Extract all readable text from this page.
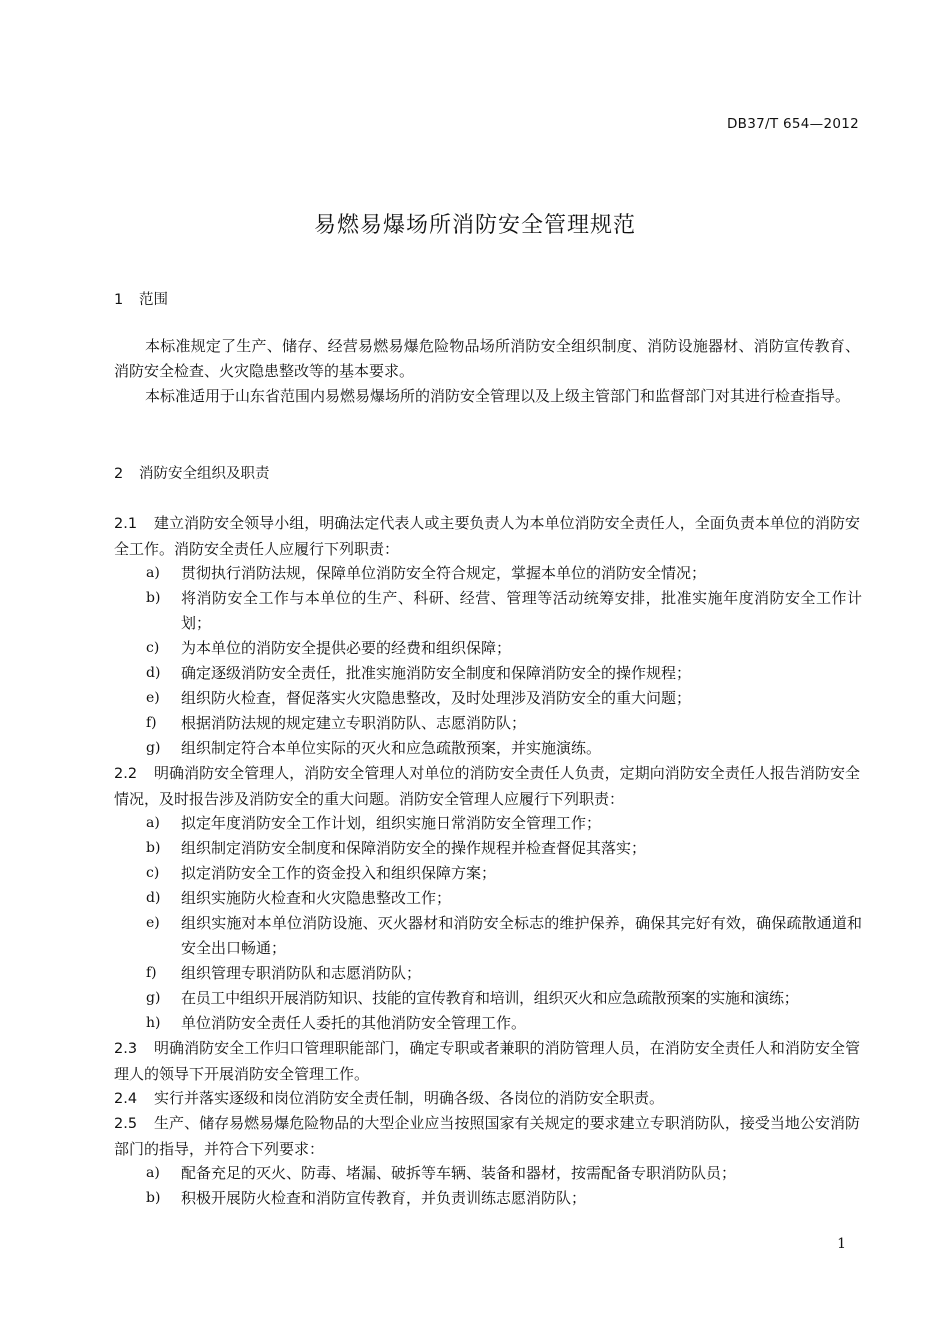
DB37/T 654—2012
易燃易爆场所消防安全管理规范
1 范围
本标准规定了生产、储存、经营易燃易爆危险物品场所消防安全组织制度、消防设施器材、消防宣传教育、消防安全检查、火灾隐患整改等的基本要求。
本标准适用于山东省范围内易燃易爆场所的消防安全管理以及上级主管部门和监督部门对其进行检查指导。
2 消防安全组织及职责
2.1 建立消防安全领导小组，明确法定代表人或主要负责人为本单位消防安全责任人，全面负责本单位的消防安全工作。消防安全责任人应履行下列职责：
a) 贯彻执行消防法规，保障单位消防安全符合规定，掌握本单位的消防安全情况；
b) 将消防安全工作与本单位的生产、科研、经营、管理等活动统筹安排，批准实施年度消防安全工作计划；
c) 为本单位的消防安全提供必要的经费和组织保障；
d) 确定逐级消防安全责任，批准实施消防安全制度和保障消防安全的操作规程；
e) 组织防火检查，督促落实火灾隐患整改，及时处理涉及消防安全的重大问题；
f) 根据消防法规的规定建立专职消防队、志愿消防队；
g) 组织制定符合本单位实际的灭火和应急疏散预案，并实施演练。
2.2 明确消防安全管理人，消防安全管理人对单位的消防安全责任人负责，定期向消防安全责任人报告消防安全情况，及时报告涉及消防安全的重大问题。消防安全管理人应履行下列职责：
a) 拟定年度消防安全工作计划，组织实施日常消防安全管理工作；
b) 组织制定消防安全制度和保障消防安全的操作规程并检查督促其落实；
c) 拟定消防安全工作的资金投入和组织保障方案；
d) 组织实施防火检查和火灾隐患整改工作；
e) 组织实施对本单位消防设施、灭火器材和消防安全标志的维护保养，确保其完好有效，确保疏散通道和安全出口畅通；
f) 组织管理专职消防队和志愿消防队；
g) 在员工中组织开展消防知识、技能的宣传教育和培训，组织灭火和应急疏散预案的实施和演练；
h) 单位消防安全责任人委托的其他消防安全管理工作。
2.3 明确消防安全工作归口管理职能部门，确定专职或者兼职的消防管理人员，在消防安全责任人和消防安全管理人的领导下开展消防安全管理工作。
2.4 实行并落实逐级和岗位消防安全责任制，明确各级、各岗位的消防安全职责。
2.5 生产、储存易燃易爆危险物品的大型企业应当按照国家有关规定的要求建立专职消防队，接受当地公安消防部门的指导，并符合下列要求：
a) 配备充足的灭火、防毒、堵漏、破拆等车辆、装备和器材，按需配备专职消防队员；
b) 积极开展防火检查和消防宣传教育，并负责训练志愿消防队；
1
